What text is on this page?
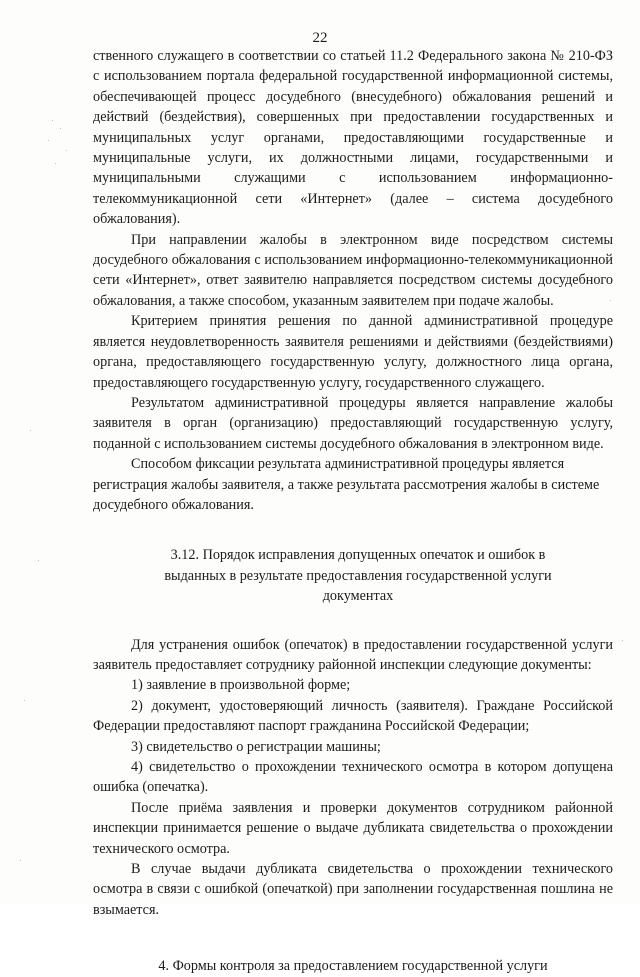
22

ственного служащего в соответствии со статьей 11.2 Федерального закона № 210-ФЗ с использованием портала федеральной государственной информационной системы, обеспечивающей процесс досудебного (внесудебного) обжалования решений и действий (бездействия), совершенных при предоставлении государственных и муниципальных услуг органами, предоставляющими государственные и муниципальные услуги, их должностными лицами, государственными и муниципальными служащими с использованием информационно-телекоммуникационной сети «Интернет» (далее – система досудебного обжалования).

При направлении жалобы в электронном виде посредством системы досудебного обжалования с использованием информационно-телекоммуникационной сети «Интернет», ответ заявителю направляется посредством системы досудебного обжалования, а также способом, указанным заявителем при подаче жалобы.

Критерием принятия решения по данной административной процедуре является неудовлетворенность заявителя решениями и действиями (бездействиями) органа, предоставляющего государственную услугу, должностного лица органа, предоставляющего государственную услугу, государственного служащего.

Результатом административной процедуры является направление жалобы заявителя в орган (организацию) предоставляющий государственную услугу, поданной с использованием системы досудебного обжалования в электронном виде.

Способом фиксации результата административной процедуры является регистрация жалобы заявителя, а также результата рассмотрения жалобы в системе досудебного обжалования.

3.12. Порядок исправления допущенных опечаток и ошибок в выданных в результате предоставления государственной услуги документах

Для устранения ошибок (опечаток) в предоставлении государственной услуги заявитель предоставляет сотруднику районной инспекции следующие документы:

1) заявление в произвольной форме;

2) документ, удостоверяющий личность (заявителя). Граждане Российской Федерации предоставляют паспорт гражданина Российской Федерации;

3) свидетельство о регистрации машины;

4) свидетельство о прохождении технического осмотра в котором допущена ошибка (опечатка).

После приёма заявления и проверки документов сотрудником районной инспекции принимается решение о выдаче дубликата свидетельства о прохождении технического осмотра.

В случае выдачи дубликата свидетельства о прохождении технического осмотра в связи с ошибкой (опечаткой) при заполнении государственная пошлина не взымается.

4. Формы контроля за предоставлением государственной услуги
